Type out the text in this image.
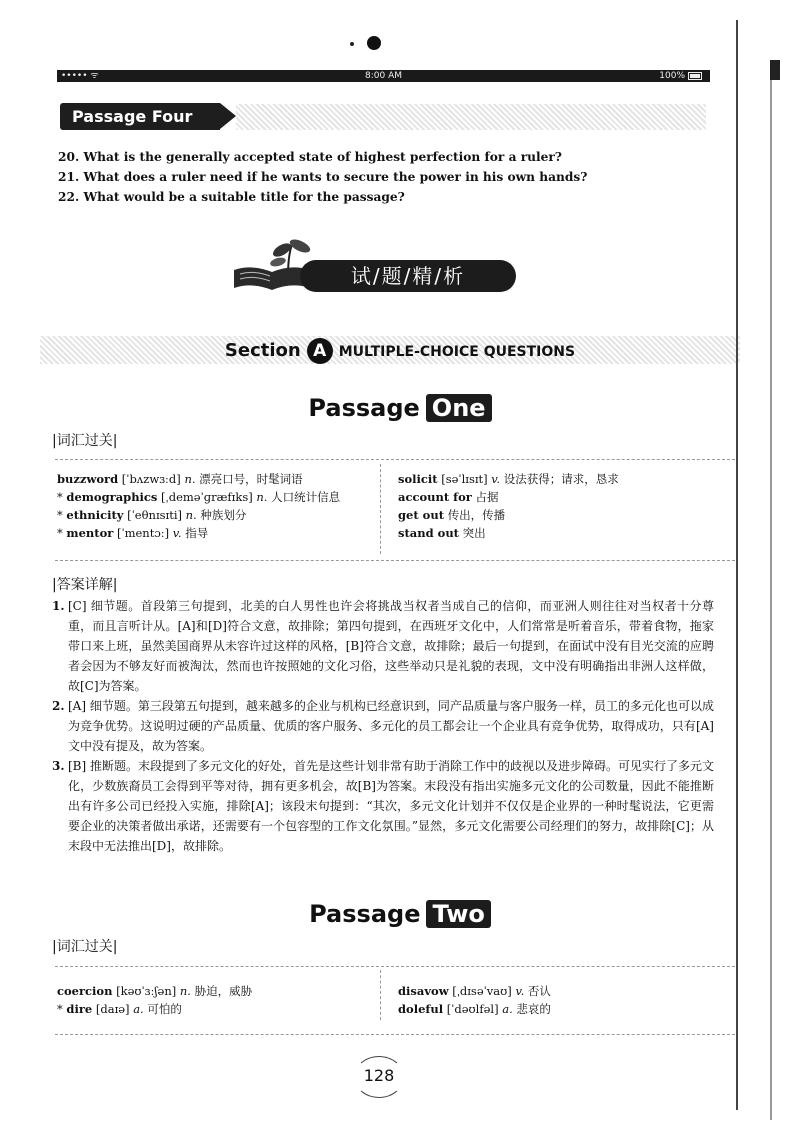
••••• ᯤ	8:00 AM	100%
Passage Four
20. What is the generally accepted state of highest perfection for a ruler?
21. What does a ruler need if he wants to secure the power in his own hands?
22. What would be a suitable title for the passage?
试/题/精/析
Section A MULTIPLE-CHOICE QUESTIONS
Passage One
|词汇过关|
buzzword [ˈbʌzwɜːd] n. 漂亮口号，时髦词语
* demographics [ˌdeməˈɡræfɪks] n. 人口统计信息
* ethnicity [ˈeθnɪsɪti] n. 种族划分
* mentor [ˈmentɔː] v. 指导
solicit [səˈlɪsɪt] v. 设法获得；请求，恳求
account for 占据
get out 传出，传播
stand out 突出
|答案详解|

1. [C] 细节题。首段第三句提到，北美的白人男性也许会将挑战当权者当成自己的信仰，而亚洲人则往往对当权者十分尊重，而且言听计从。[A]和[D]符合文意，故排除；第四句提到，在西班牙文化中，人们常常是听着音乐，带着食物，拖家带口来上班，虽然美国商界从未容许过这样的风格，[B]符合文意，故排除；最后一句提到，在面试中没有目光交流的应聘者会因为不够友好而被淘汰，然而也许按照她的文化习俗，这些举动只是礼貌的表现，文中没有明确指出非洲人这样做，故[C]为答案。

2. [A] 细节题。第三段第五句提到，越来越多的企业与机构已经意识到，同产品质量与客户服务一样，员工的多元化也可以成为竞争优势。这说明过硬的产品质量、优质的客户服务、多元化的员工都会让一个企业具有竞争优势，取得成功，只有[A]文中没有提及，故为答案。

3. [B] 推断题。末段提到了多元文化的好处，首先是这些计划非常有助于消除工作中的歧视以及进步障碍。可见实行了多元文化，少数族裔员工会得到平等对待，拥有更多机会，故[B]为答案。末段没有指出实施多元文化的公司数量，因此不能推断出有许多公司已经投入实施，排除[A]；该段末句提到：“其次，多元文化计划并不仅仅是企业界的一种时髦说法，它更需要企业的决策者做出承诺，还需要有一个包容型的工作文化氛围。”显然，多元文化需要公司经理们的努力，故排除[C]；从末段中无法推出[D]，故排除。

Passage Two
|词汇过关|
coercion [kəʊˈɜːʃən] n. 胁迫，威胁
* dire [daɪə] a. 可怕的
disavow [ˌdɪsəˈvaʊ] v. 否认
doleful [ˈdəʊlfəl] a. 悲哀的
128
